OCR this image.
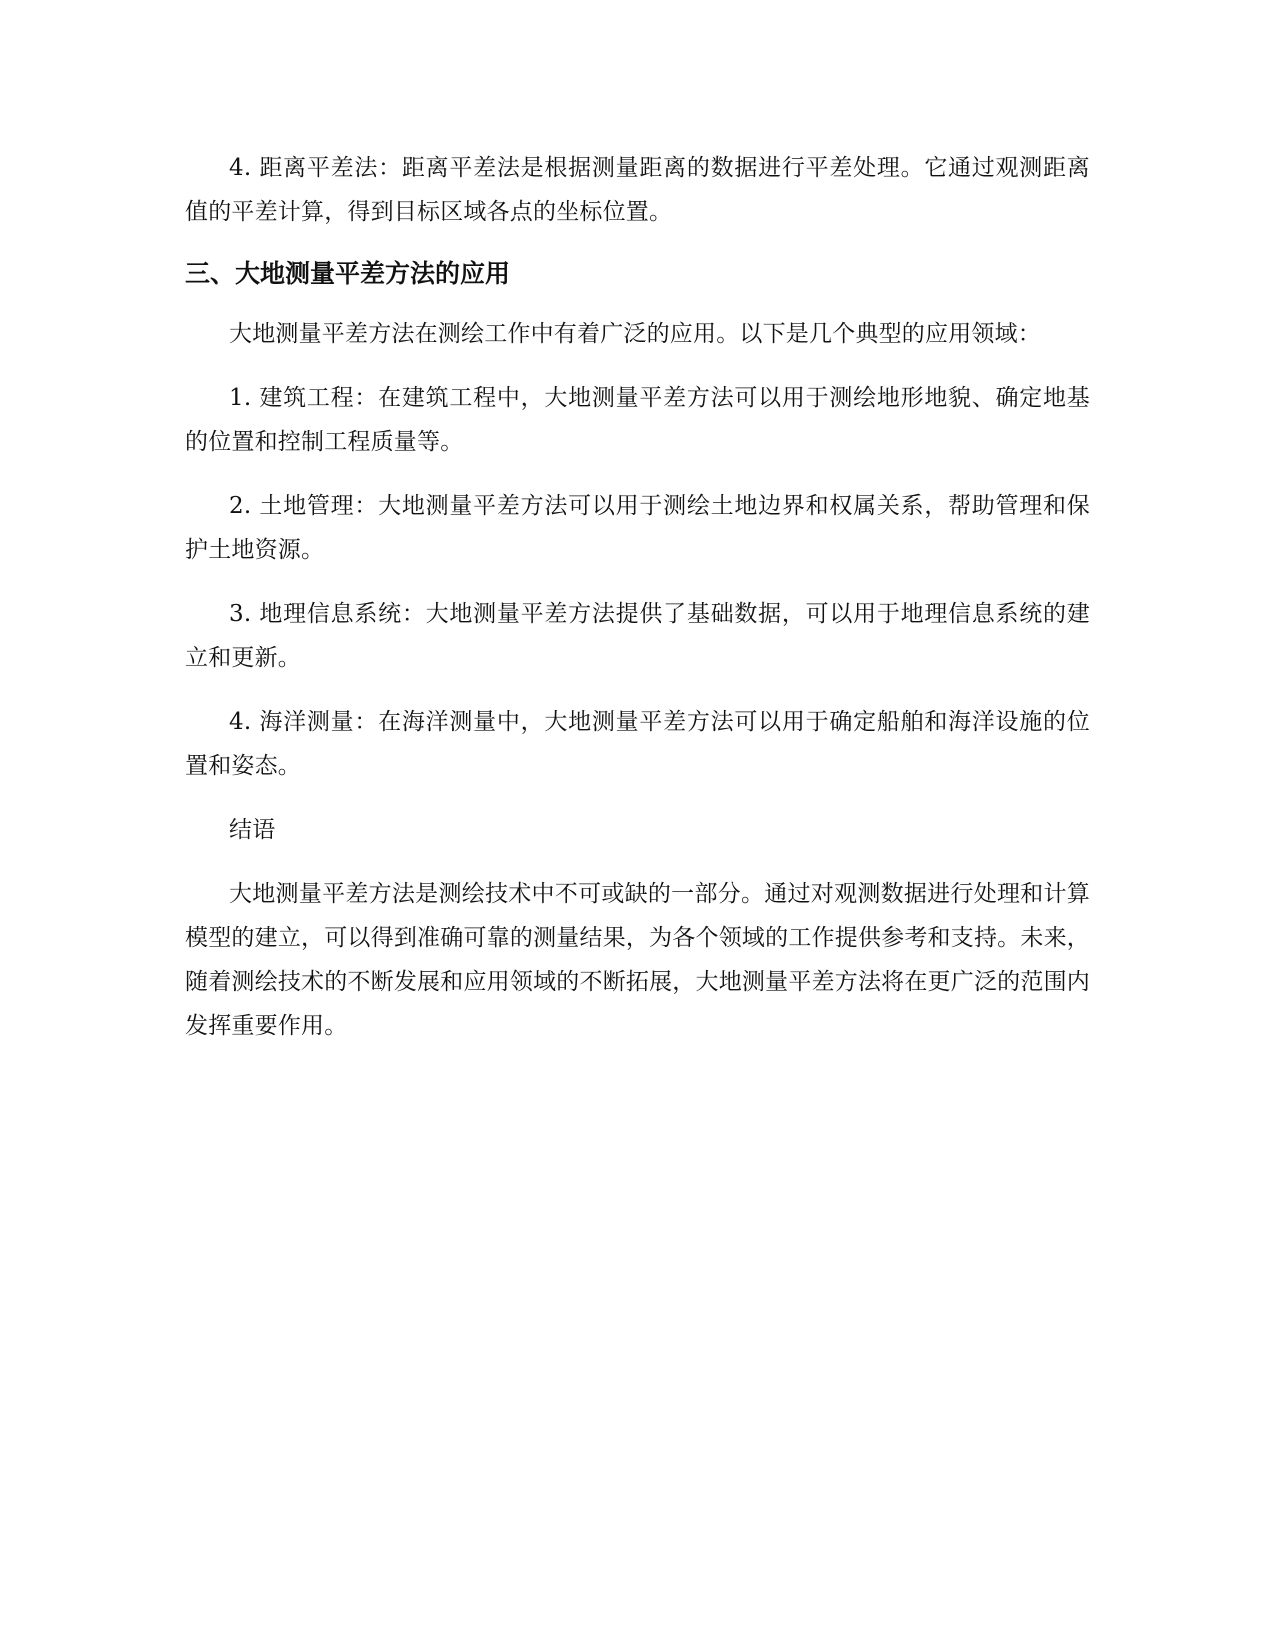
4. 距离平差法：距离平差法是根据测量距离的数据进行平差处理。它通过观测距离值的平差计算，得到目标区域各点的坐标位置。

三、大地测量平差方法的应用

大地测量平差方法在测绘工作中有着广泛的应用。以下是几个典型的应用领域：

1. 建筑工程：在建筑工程中，大地测量平差方法可以用于测绘地形地貌、确定地基的位置和控制工程质量等。

2. 土地管理：大地测量平差方法可以用于测绘土地边界和权属关系，帮助管理和保护土地资源。

3. 地理信息系统：大地测量平差方法提供了基础数据，可以用于地理信息系统的建立和更新。

4. 海洋测量：在海洋测量中，大地测量平差方法可以用于确定船舶和海洋设施的位置和姿态。

结语

大地测量平差方法是测绘技术中不可或缺的一部分。通过对观测数据进行处理和计算模型的建立，可以得到准确可靠的测量结果，为各个领域的工作提供参考和支持。未来，随着测绘技术的不断发展和应用领域的不断拓展，大地测量平差方法将在更广泛的范围内发挥重要作用。
